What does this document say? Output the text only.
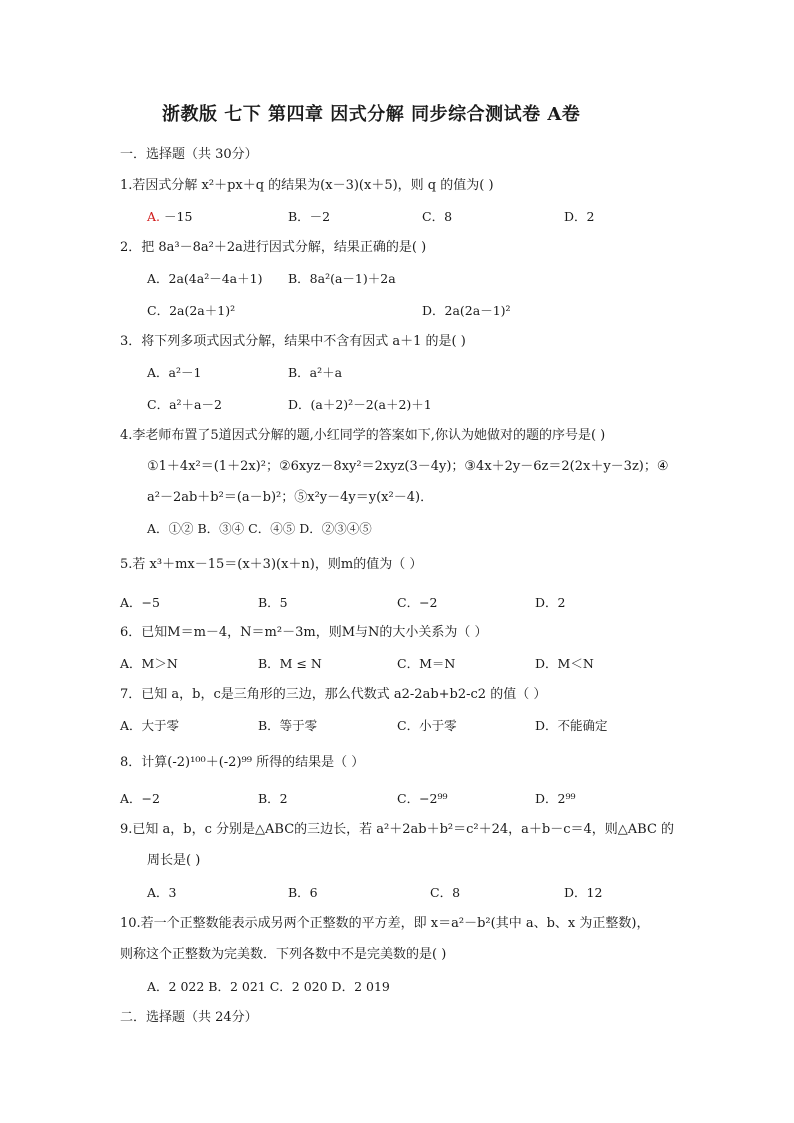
浙教版 七下 第四章 因式分解 同步综合测试卷 A卷
一．选择题（共 30分）
1.若因式分解 x²＋px＋q 的结果为(x－3)(x＋5)，则 q 的值为( )
A. －15	B．－2	C．8	D．2
2．把 8a³－8a²＋2a进行因式分解，结果正确的是( )
A．2a(4a²－4a＋1) B．8a²(a－1)＋2a
C．2a(2a＋1)²	D．2a(2a－1)²
3．将下列多项式因式分解，结果中不含有因式 a＋1 的是( )
A．a²－1	B．a²＋a
C．a²＋a－2	D．(a＋2)²－2(a＋2)＋1
4.李老师布置了5道因式分解的题,小红同学的答案如下,你认为她做对的题的序号是( )
①1＋4x²＝(1＋2x)²；②6xyz－8xy²＝2xyz(3－4y)；③4x＋2y－6z＝2(2x＋y－3z)；④
a²－2ab＋b²＝(a－b)²；⑤x²y－4y＝y(x²－4)．
A．①② B．③④ C．④⑤ D．②③④⑤
5.若 x³＋mx－15＝(x＋3)(x＋n)，则m的值为（ ）
A．−5	B．5	C．−2	D．2
6．已知M＝m－4，N＝m²－3m，则M与N的大小关系为（ ）
A．M＞N	B．M ≤ N	C．M＝N	D．M＜N
7．已知 a，b，c是三角形的三边，那么代数式 a2-2ab+b2-c2 的值（ ）
A．大于零	B．等于零	C．小于零	D．不能确定
8．计算(-2)¹⁰⁰＋(-2)⁹⁹ 所得的结果是（ ）
A．−2	B．2	C．−2⁹⁹	D．2⁹⁹
9.已知 a，b，c 分别是△ABC的三边长，若 a²＋2ab＋b²＝c²＋24，a＋b－c＝4，则△ABC 的
周长是( )
A．3	B．6	C．8	D．12
10.若一个正整数能表示成另两个正整数的平方差，即 x＝a²－b²(其中 a、b、x 为正整数)，
则称这个正整数为完美数．下列各数中不是完美数的是( )
A．2 022 B．2 021 C．2 020 D．2 019
二．选择题（共 24分）
